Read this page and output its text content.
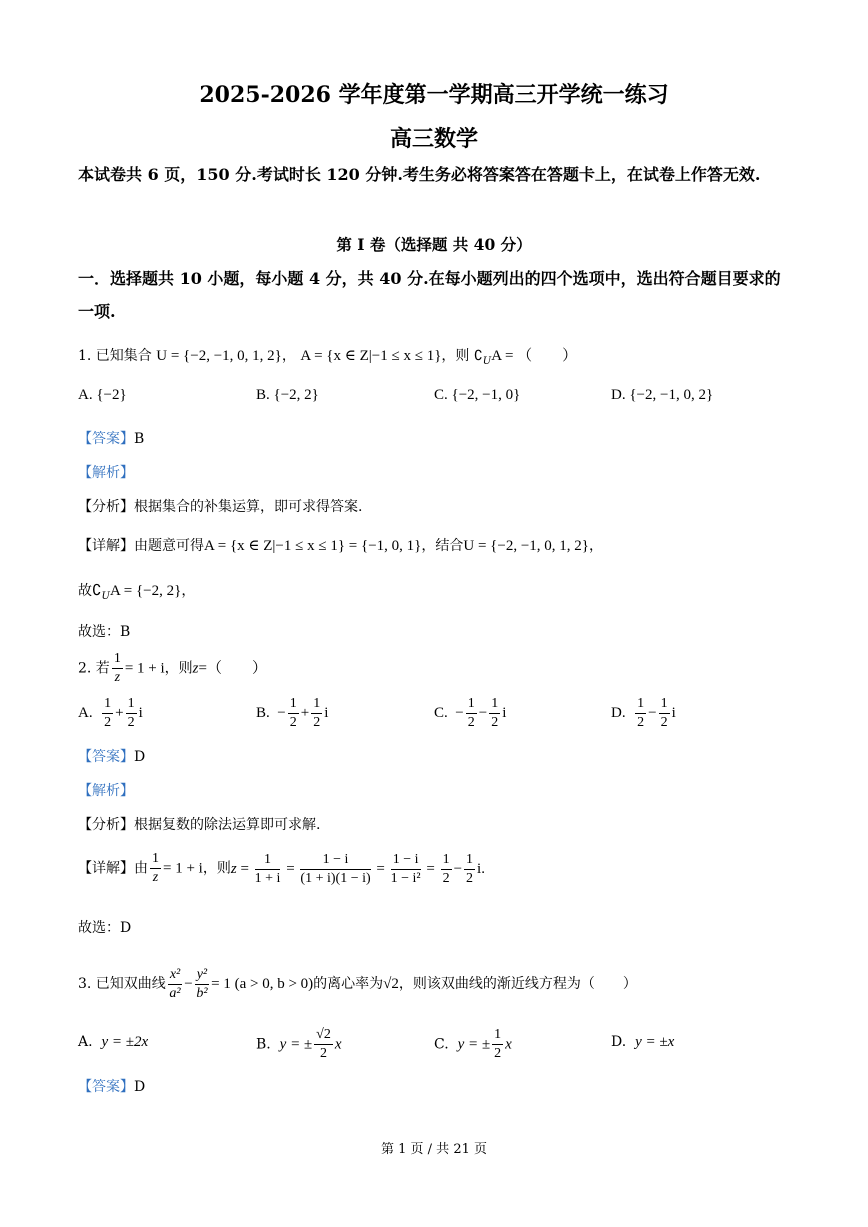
2025-2026 学年度第一学期高三开学统一练习
高三数学
本试卷共 6 页，150 分.考试时长 120 分钟.考生务必将答案答在答题卡上，在试卷上作答无效.
第 I 卷（选择题 共 40 分）
一．选择题共 10 小题，每小题 4 分，共 40 分.在每小题列出的四个选项中，选出符合题目要求的一项.
1. 已知集合 U = {−2, −1, 0, 1, 2}， A = {x ∈ Z|−1 ≤ x ≤ 1}，则 $∁_UA$ = （　　）
A. {−2}	B. {−2, 2}	C. {−2, −1, 0}	D. {−2, −1, 0, 2}
【答案】B
【解析】
【分析】根据集合的补集运算，即可求得答案.
【详解】由题意可得A = {x ∈ Z|−1 ≤ x ≤ 1} = {−1, 0, 1}，结合U = {−2, −1, 0, 1, 2}，
故$∁_UA = \{-2$, 2}，
故选：B
2. 若 $\frac{1}{z} = 1 + i$，则z=（　　）
A. $\frac{1}{2} + \frac{1}{2}$ i	B. − $\frac{1}{2} + \frac{1}{2}$ i	C. − $\frac{1}{2} - \frac{1}{2}$ i	D. $\frac{1}{2} - \frac{1}{2}$ i
【答案】D
【解析】
【分析】根据复数的除法运算即可求解.
【详解】由 $\frac{1}{z} = 1 + i$，则$z = \frac{1}{1 + i} = \frac{1 - i}{(1 + i)(1 - i)} = \frac{1 - i}{\text{1 − i²}} = \frac{1}{2} - \frac{1}{2} i$.
故选：D
3. 已知双曲线 $\frac{\text{x²}}{\text{a²}} - \frac{\text{y²}}{\text{b²}} = 1$ (a > 0, b > 0)的离心率为√2，则该双曲线的渐近线方程为（　　）
A. y = ±2x	B. y = ± $\frac{√2}{2}$ x	C. y = ± $\frac{1}{2}$ x	D. y = ±x
【答案】D
第 1 页 / 共 21 页
